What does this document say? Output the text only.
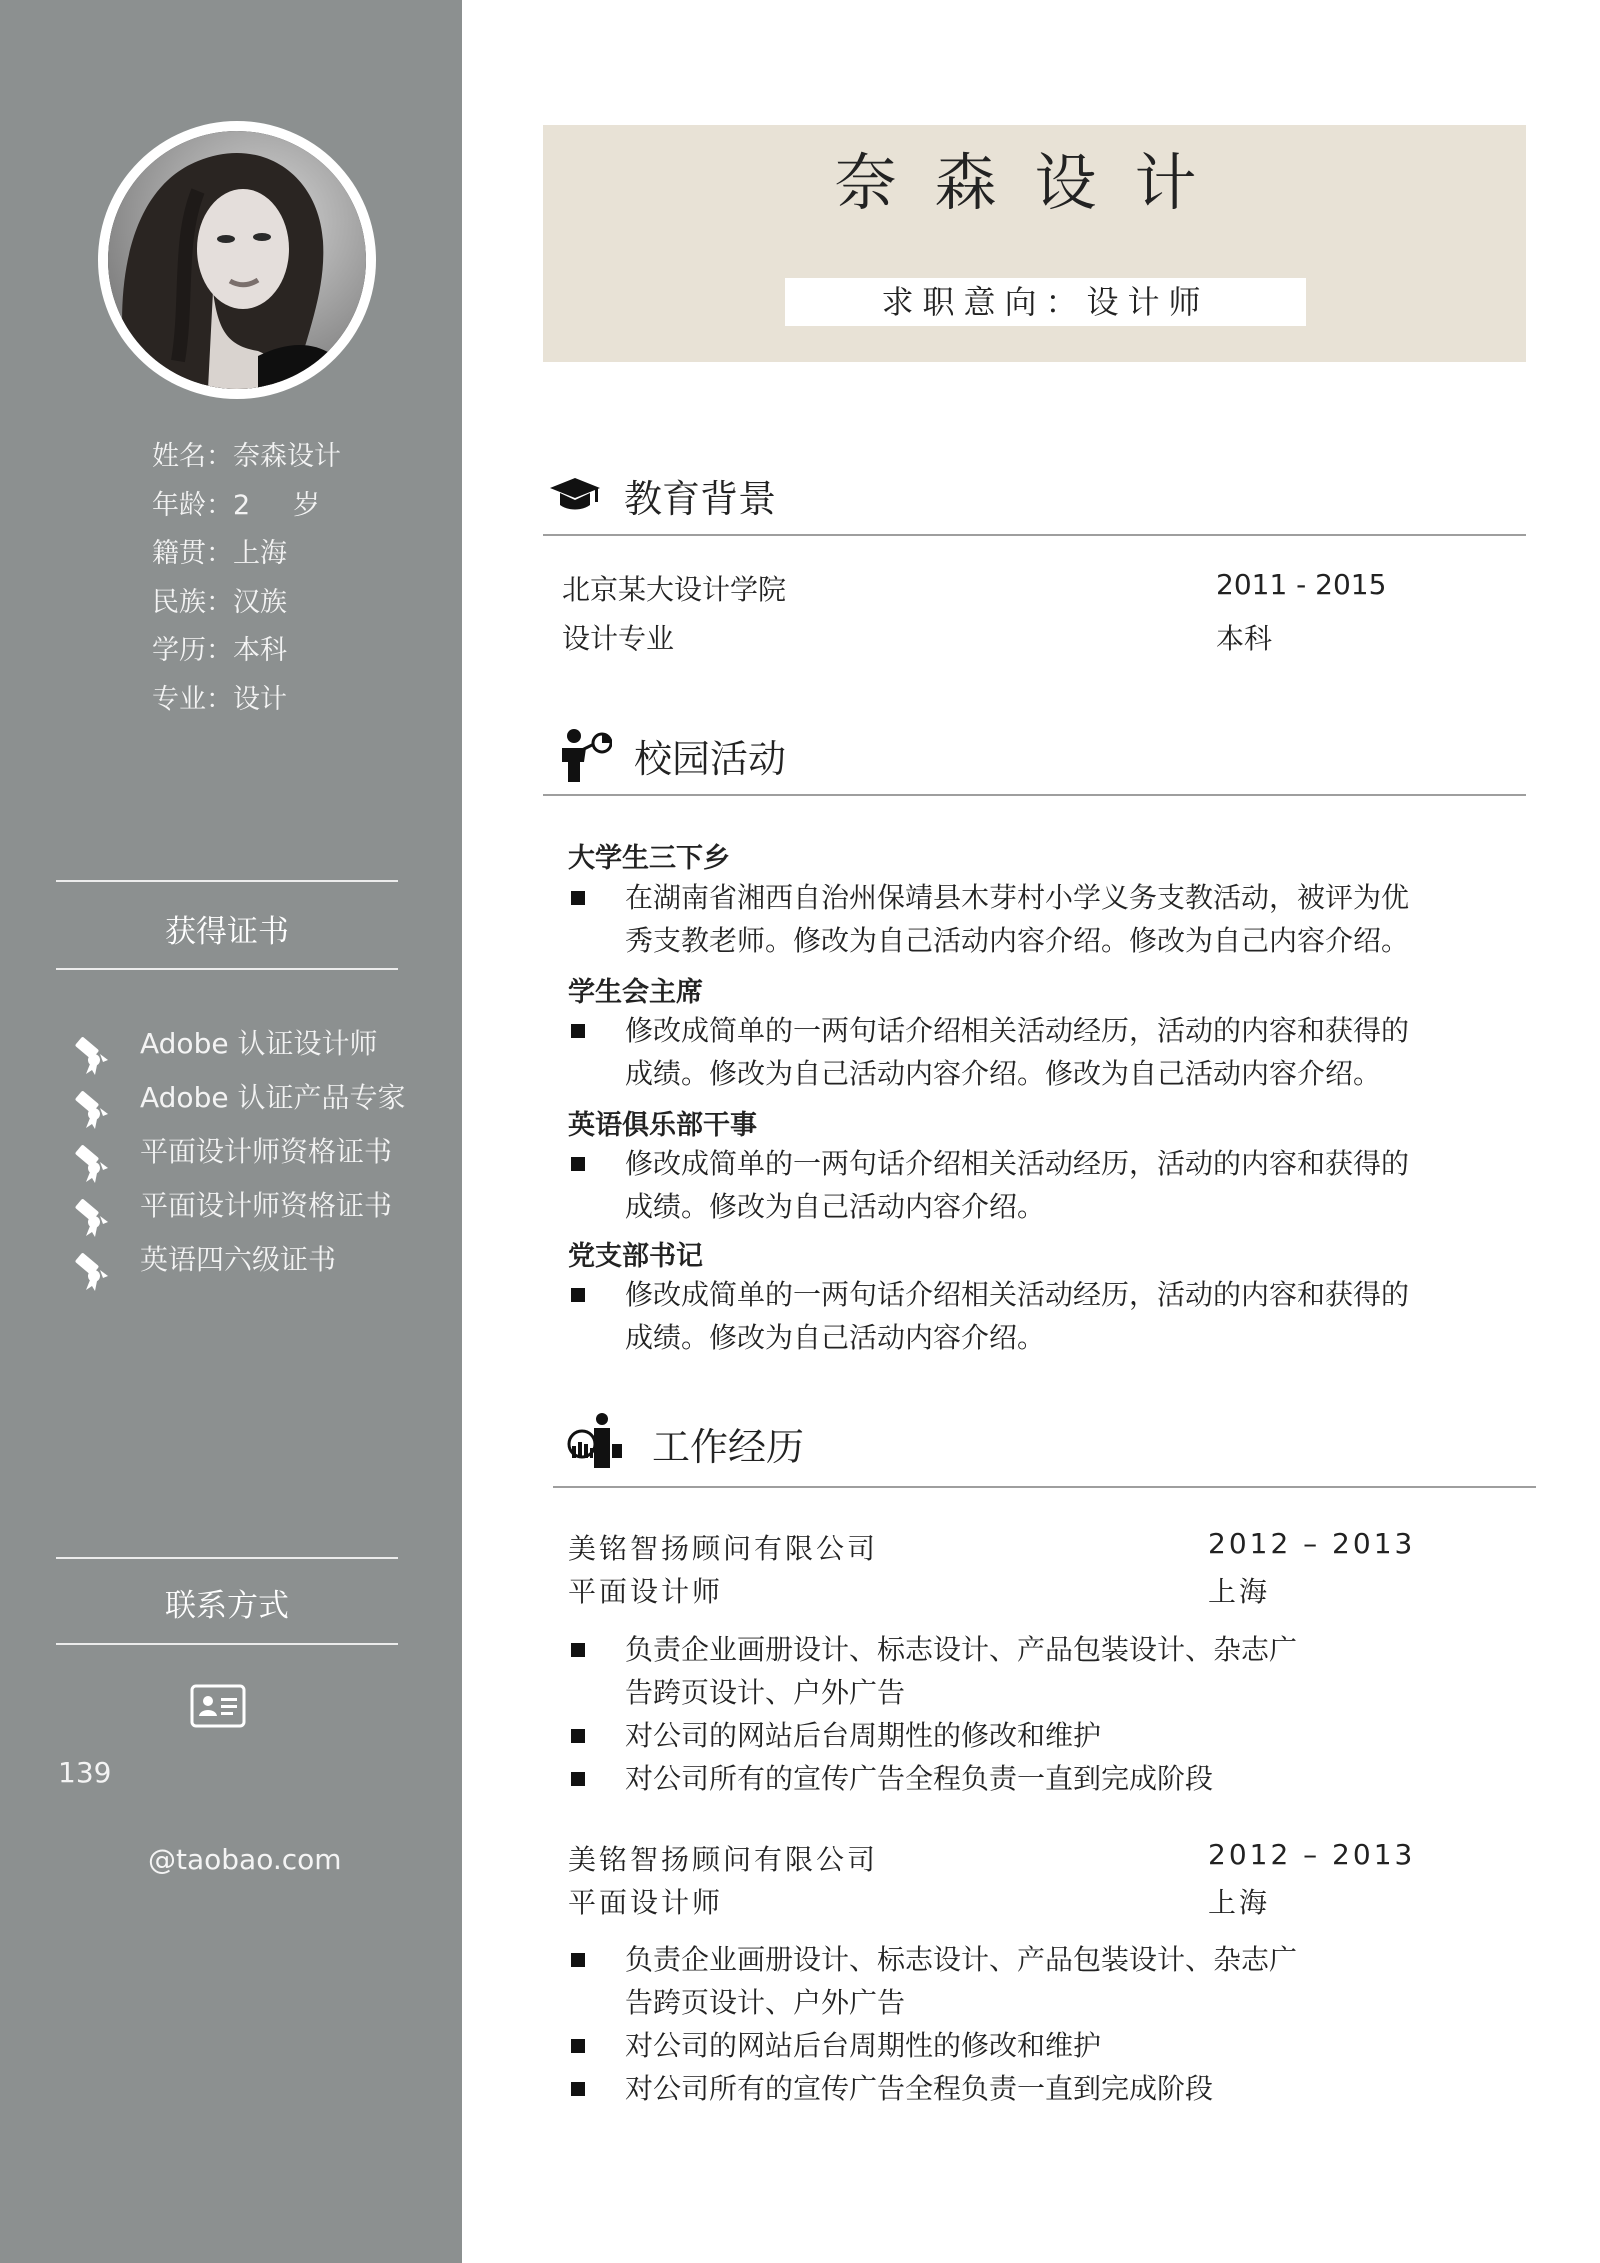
姓名：奈森设计
年龄：2     岁
籍贯：上海
民族：汉族
学历：本科
专业：设计
获得证书
Adobe 认证设计师
Adobe 认证产品专家
平面设计师资格证书
平面设计师资格证书
英语四六级证书
联系方式
139
@taobao.com
奈森设计
求职意向：设计师
教育背景
北京某大设计学院	2011 - 2015
设计专业	本科
校园活动
大学生三下乡
在湖南省湘西自治州保靖县木芽村小学义务支教活动，被评为优
秀支教老师。修改为自己活动内容介绍。修改为自己内容介绍。
学生会主席
修改成简单的一两句话介绍相关活动经历，活动的内容和获得的
成绩。修改为自己活动内容介绍。修改为自己活动内容介绍。
英语俱乐部干事
修改成简单的一两句话介绍相关活动经历，活动的内容和获得的
成绩。修改为自己活动内容介绍。
党支部书记
修改成简单的一两句话介绍相关活动经历，活动的内容和获得的
成绩。修改为自己活动内容介绍。
工作经历
美铭智扬顾问有限公司	2012 – 2013
平面设计师	上海
负责企业画册设计、标志设计、产品包装设计、杂志广
告跨页设计、户外广告
对公司的网站后台周期性的修改和维护
对公司所有的宣传广告全程负责一直到完成阶段
美铭智扬顾问有限公司	2012 – 2013
平面设计师	上海
负责企业画册设计、标志设计、产品包装设计、杂志广
告跨页设计、户外广告
对公司的网站后台周期性的修改和维护
对公司所有的宣传广告全程负责一直到完成阶段
